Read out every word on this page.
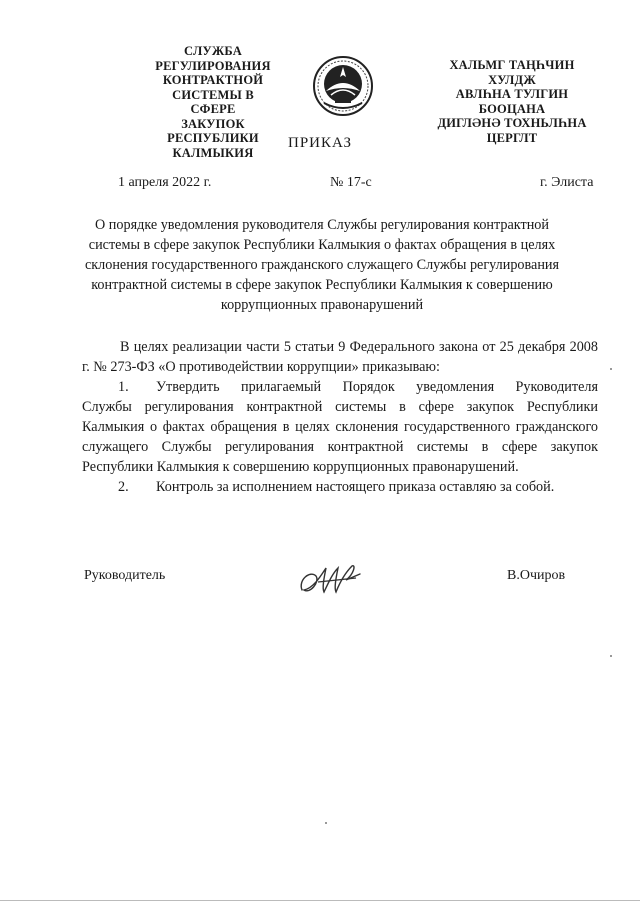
СЛУЖБА
РЕГУЛИРОВАНИЯ
КОНТРАКТНОЙ
СИСТЕМЫ В СФЕРЕ
ЗАКУПОК РЕСПУБЛИКИ
КАЛМЫКИЯ
ХАЛЬМГ ТАҢҺЧИН ХУЛДЖ
АВЛҺНА ТУЛГИН БООЦАНА
ДИГЛӘНӘ ТОХНЬЛҺНА
ЦЕРГЛТ
ПРИКАЗ
1 апреля 2022 г.	№ 17-с	г. Элиста
О порядке уведомления руководителя Службы регулирования контрактной
системы в сфере закупок Республики Калмыкия о фактах обращения в целях
склонения государственного гражданского служащего Службы регулирования
контрактной системы в сфере закупок Республики Калмыкия к совершению
коррупционных правонарушений

В целях реализации части 5 статьи 9 Федерального закона от 25 декабря 2008 г. № 273-ФЗ «О противодействии коррупции» приказываю:

1.	Утвердить прилагаемый Порядок уведомления Руководителя

Службы регулирования контрактной системы в сфере закупок Республики Калмыкия о фактах обращения в целях склонения государственного гражданского служащего Службы регулирования контрактной системы в сфере закупок Республики Калмыкия к совершению коррупционных правонарушений.

2.	Контроль за исполнением настоящего приказа оставляю за собой.
Руководитель	В.Очиров
